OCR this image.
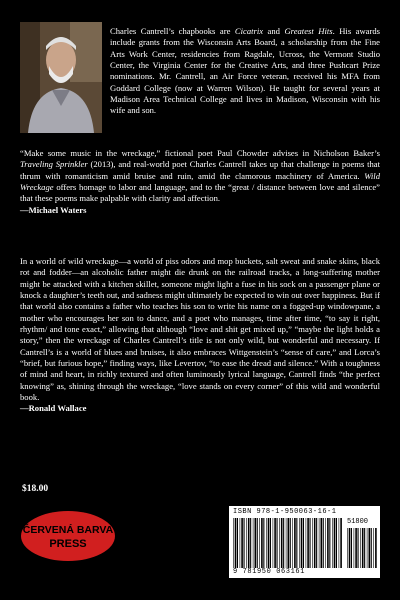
Charles Cantrell’s chapbooks are Cicatrix and Greatest Hits. His awards include grants from the Wisconsin Arts Board, a scholarship from the Fine Arts Work Center, residencies from Ragdale, Ucross, the Vermont Studio Center, the Virginia Center for the Creative Arts, and three Pushcart Prize nominations. Mr. Cantrell, an Air Force veteran, received his MFA from Goddard College (now at Warren Wilson). He taught for several years at Madison Area Technical College and lives in Madison, Wisconsin with his wife and son.
“Make some music in the wreckage,” fictional poet Paul Chowder advises in Nicholson Baker’s Traveling Sprinkler (2013), and real-world poet Charles Cantrell takes up that challenge in poems that thrum with romanticism amid bruise and ruin, amid the clamorous machinery of America. Wild Wreckage offers homage to labor and language, and to the “great / distance between love and silence” that these poems make palpable with clarity and affection.
—Michael Waters
In a world of wild wreckage—a world of piss odors and mop buckets, salt sweat and snake skins, black rot and fodder—an alcoholic father might die drunk on the railroad tracks, a long-suffering mother might be attacked with a kitchen skillet, someone might light a fuse in his sock on a passenger plane or knock a daughter’s teeth out, and sadness might ultimately be expected to win out over happiness. But if that world also contains a father who teaches his son to write his name on a fogged-up windowpane, a mother who encourages her son to dance, and a poet who manages, time after time, “to say it right, rhythm/ and tone exact,” allowing that although “love and shit get mixed up,” “maybe the light holds a story,” then the wreckage of Charles Cantrell’s title is not only wild, but wonderful and necessary. If Cantrell’s is a world of blues and bruises, it also embraces Wittgenstein’s “sense of care,” and Lorca’s “brief, but furious hope,” finding ways, like Levertov, “to ease the dread and silence.” With a toughness of mind and heart, in richly textured and often luminously lyrical language, Cantrell finds “the perfect knowing” as, shining through the wreckage, “love stands on every corner” of this wild and wonderful book.
—Ronald Wallace
$18.00
ČERVENÁ BARVA
PRESS
ISBN 978-1-950063-16-1
51800
9 781950 063161
